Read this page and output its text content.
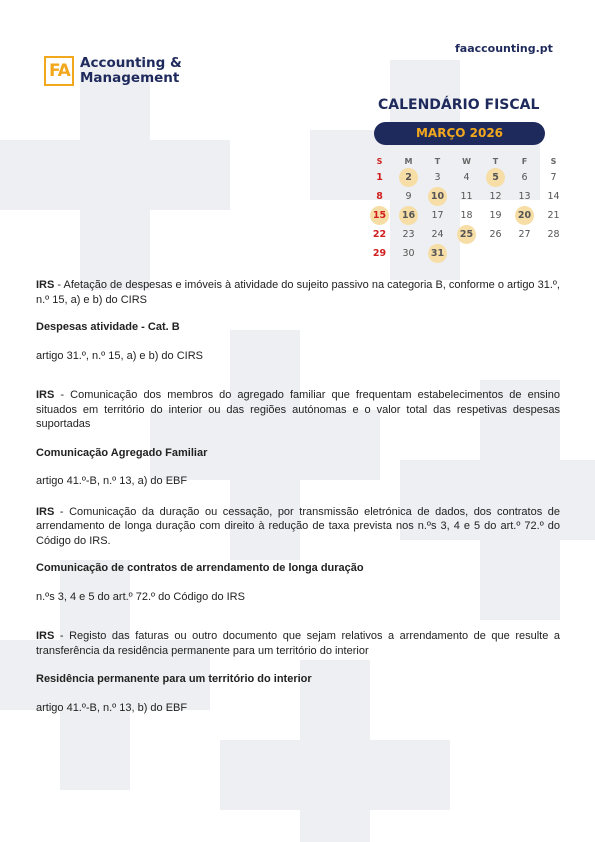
FA Accounting &
Management
faaccounting.pt
CALENDÁRIO FISCAL
MARÇO 2026
S	M	T	W	T	F	S
1	2	3	4	5	6	7
8	9	10	11	12	13	14
15	16	17	18	19	20	21
22	23	24	25	26	27	28
29	30	31

IRS - Afetação de despesas e imóveis à atividade do sujeito passivo na categoria B, conforme o artigo 31.º, n.º 15, a) e b) do CIRS

Despesas atividade - Cat. B

artigo 31.º, n.º 15, a) e b) do CIRS

IRS - Comunicação dos membros do agregado familiar que frequentam estabelecimentos de ensino situados em território do interior ou das regiões autónomas e o valor total das respetivas despesas suportadas

Comunicação Agregado Familiar

artigo 41.º-B, n.º 13, a) do EBF

IRS - Comunicação da duração ou cessação, por transmissão eletrónica de dados, dos contratos de arrendamento de longa duração com direito à redução de taxa prevista nos n.ºs 3, 4 e 5 do art.º 72.º do Código do IRS.

Comunicação de contratos de arrendamento de longa duração

n.ºs 3, 4 e 5 do art.º 72.º do Código do IRS

IRS - Registo das faturas ou outro documento que sejam relativos a arrendamento de que resulte a transferência da residência permanente para um território do interior

Residência permanente para um território do interior

artigo 41.º-B, n.º 13, b) do EBF
